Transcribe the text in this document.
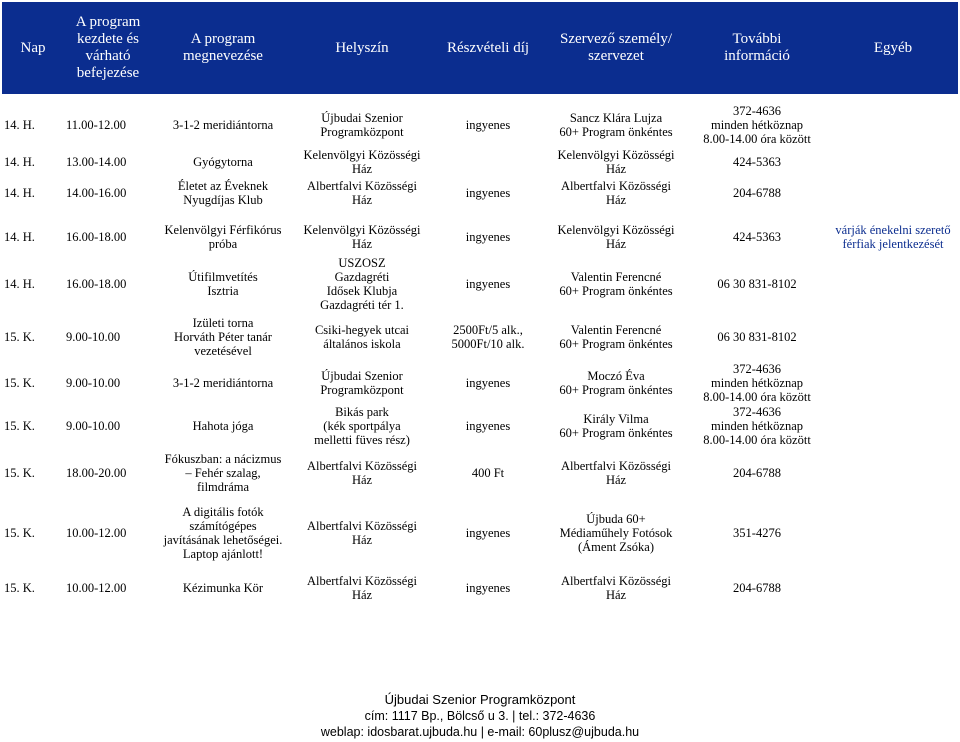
Nap	A program
kezdete és
várható
befejezése	A program
megnevezése	Helyszín	Részvételi díj	Szervező személy/
szervezet	További
információ	Egyéb

14. H.	11.00-12.00	3-1-2 meridiántorna	Újbudai Szenior
Programközpont	ingyenes	Sancz Klára Lujza
60+ Program önkéntes	372-4636
minden hétköznap
8.00-14.00 óra között	

14. H.	13.00-14.00	Gyógytorna	Kelenvölgyi Közösségi
Ház		Kelenvölgyi Közösségi
Ház	424-5363	

14. H.	14.00-16.00	Életet az Éveknek
Nyugdíjas Klub	Albertfalvi Közösségi
Ház	ingyenes	Albertfalvi Közösségi
Ház	204-6788	

14. H.	16.00-18.00	Kelenvölgyi Férfikórus
próba	Kelenvölgyi Közösségi
Ház	ingyenes	Kelenvölgyi Közösségi
Ház	424-5363	várják énekelni szerető
férfiak jelentkezését

14. H.	16.00-18.00	Útifilmvetítés
Isztria	USZOSZ
Gazdagréti
Idősek Klubja
Gazdagréti tér 1.	ingyenes	Valentin Ferencné
60+ Program önkéntes	06 30 831-8102	

15. K.	9.00-10.00	Izületi torna
Horváth Péter tanár
vezetésével	Csiki-hegyek utcai
általános iskola	2500Ft/5 alk.,
5000Ft/10 alk.	Valentin Ferencné
60+ Program önkéntes	06 30 831-8102	

15. K.	9.00-10.00	3-1-2 meridiántorna	Újbudai Szenior
Programközpont	ingyenes	Moczó Éva
60+ Program önkéntes	372-4636
minden hétköznap
8.00-14.00 óra között	

15. K.	9.00-10.00	Hahota jóga	Bikás park
(kék sportpálya
melletti füves rész)	ingyenes	Király Vilma
60+ Program önkéntes	372-4636
minden hétköznap
8.00-14.00 óra között	

15. K.	18.00-20.00	Fókuszban: a nácizmus
– Fehér szalag,
filmdráma	Albertfalvi Közösségi
Ház	400 Ft	Albertfalvi Közösségi
Ház	204-6788	

15. K.	10.00-12.00	A digitális fotók
számítógépes
javításának lehetőségei.
Laptop ajánlott!	Albertfalvi Közösségi
Ház	ingyenes	Újbuda 60+
Médiaműhely Fotósok
(Áment Zsóka)	351-4276	

15. K.	10.00-12.00	Kézimunka Kör	Albertfalvi Közösségi
Ház	ingyenes	Albertfalvi Közösségi
Ház	204-6788	

Újbudai Szenior Programközpont
cím: 1117 Bp., Bölcső u 3. | tel.: 372-4636
weblap: idosbarat.ujbuda.hu | e-mail: 60plusz@ujbuda.hu
